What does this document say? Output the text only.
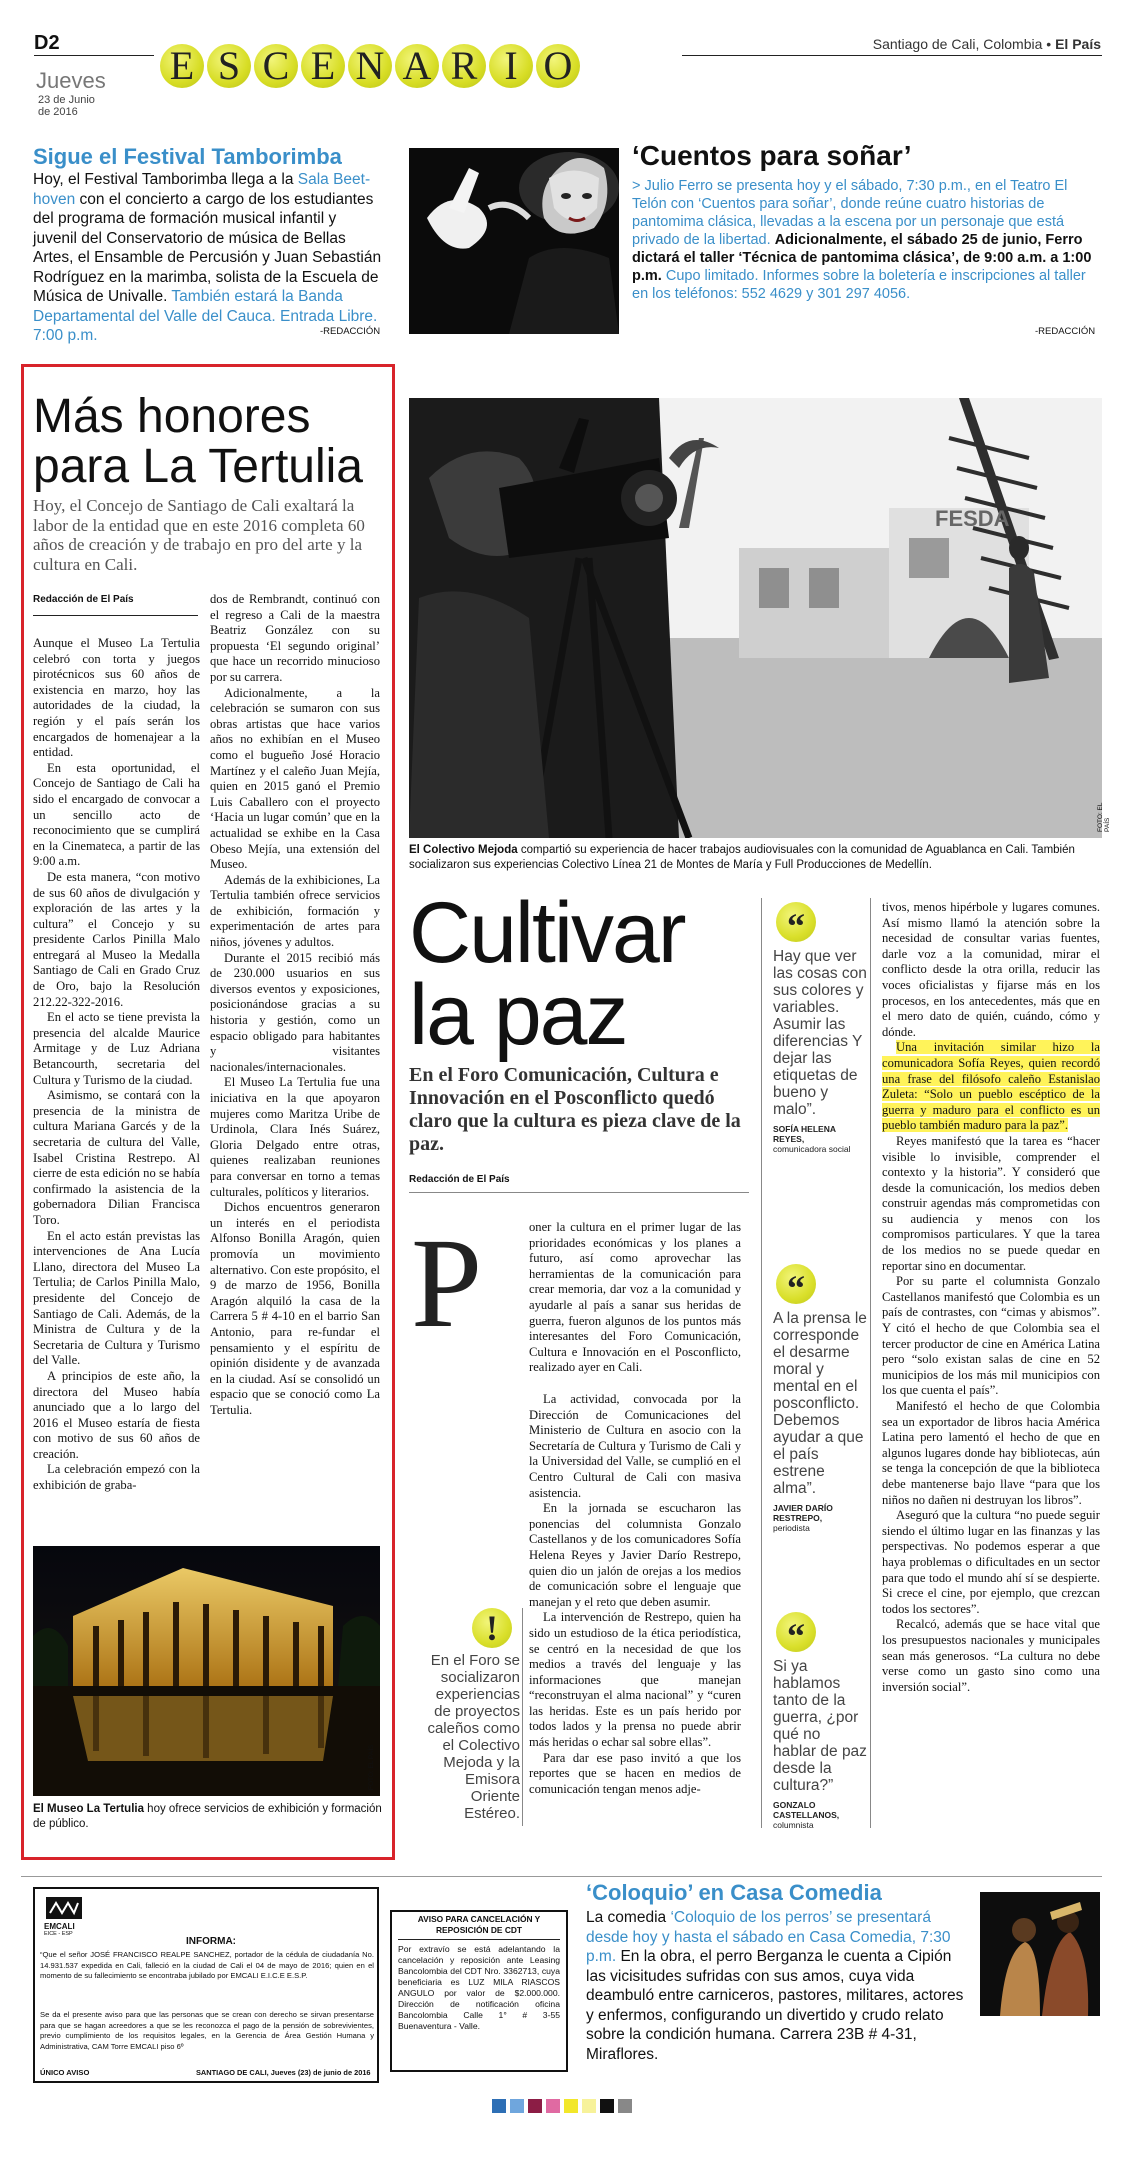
D2
Jueves
23 de Junio
de 2016
E S C E N A R I O	Santiago de Cali, Colombia • El País
Sigue el Festival Tamborimba
Hoy, el Festival Tamborimba llega a la Sala Beet-hoven con el concierto a cargo de los estudiantes del programa de formación musical infantil y juvenil del Conservatorio de música de Bellas Artes, el Ensamble de Percusión y Juan Sebastián Rodríguez en la marimba, solista de la Escuela de Música de Univalle. También estará la Banda Departamental del Valle del Cauca. Entrada Libre. 7:00 p.m.	-REDACCIÓN
‘Cuentos para soñar’
> Julio Ferro se presenta hoy y el sábado, 7:30 p.m., en el Teatro El Telón con ‘Cuentos para soñar’, donde reúne cuatro historias de pantomima clásica, llevadas a la escena por un personaje que está privado de la libertad. Adicionalmente, el sábado 25 de junio, Ferro dictará el taller ‘Técnica de pantomima clásica’, de 9:00 a.m. a 1:00 p.m. Cupo limitado. Informes sobre la boletería e inscripciones al taller en los teléfonos: 552 4629 y 301 297 4056.
-REDACCIÓN
Más honores para La Tertulia
Hoy, el Concejo de Santiago de Cali exaltará la labor de la entidad que en este 2016 completa 60 años de creación y de trabajo en pro del arte y la cultura en Cali.
Redacción de El País

Aunque el Museo La Tertulia celebró con torta y juegos pirotécnicos sus 60 años de existencia en marzo, hoy las autoridades de la ciudad, la región y el país serán los encargados de homenajear a la entidad.

En esta oportunidad, el Concejo de Santiago de Cali ha sido el encargado de convocar a un sencillo acto de reconocimiento que se cumplirá en la Cinemateca, a partir de las 9:00 a.m.

De esta manera, “con motivo de sus 60 años de divulgación y exploración de las artes y la cultura” el Concejo y su presidente Carlos Pinilla Malo entregará al Museo la Medalla Santiago de Cali en Grado Cruz de Oro, bajo la Resolución 212.22-322-2016.

En el acto se tiene prevista la presencia del alcalde Maurice Armitage y de Luz Adriana Betancourth, secretaria del Cultura y Turismo de la ciudad.

Asimismo, se contará con la presencia de la ministra de cultura Mariana Garcés y de la secretaria de cultura del Valle, Isabel Cristina Restrepo. Al cierre de esta edición no se había confirmado la asistencia de la gobernadora Dilian Francisca Toro.

En el acto están previstas las intervenciones de Ana Lucía Llano, directora del Museo La Tertulia; de Carlos Pinilla Malo, presidente del Concejo de Santiago de Cali. Además, de la Ministra de Cultura y de la Secretaria de Cultura y Turismo del Valle.

A principios de este año, la directora del Museo había anunciado que a lo largo del 2016 el Museo estaría de fiesta con motivo de sus 60 años de creación.

La celebración empezó con la exhibición de graba-

dos de Rembrandt, continuó con el regreso a Cali de la maestra Beatriz González con su propuesta ‘El segundo original’ que hace un recorrido minucioso por su carrera.

Adicionalmente, a la celebración se sumaron con sus obras artistas que hace varios años no exhibían en el Museo como el bugueño José Horacio Martínez y el caleño Juan Mejía, quien en 2015 ganó el Premio Luis Caballero con el proyecto ‘Hacia un lugar común’ que en la actualidad se exhibe en la Casa Obeso Mejía, una extensión del Museo.

Además de la exhibiciones, La Tertulia también ofrece servicios de exhibición, formación y experimentación de artes para niños, jóvenes y adultos.

Durante el 2015 recibió más de 230.000 usuarios en sus diversos eventos y exposiciones, posicionándose gracias a su historia y gestión, como un espacio obligado para habitantes y visitantes nacionales/internacionales.

El Museo La Tertulia fue una iniciativa en la que apoyaron mujeres como Maritza Uribe de Urdinola, Clara Inés Suárez, Gloria Delgado entre otras, quienes realizaban reuniones para conversar en torno a temas culturales, políticos y literarios.

Dichos encuentros generaron un interés en el periodista Alfonso Bonilla Aragón, quien promovía un movimiento alternativo. Con este propósito, el 9 de marzo de 1956, Bonilla Aragón alquiló la casa de la Carrera 5 # 4-10 en el barrio San Antonio, para re-fundar el pensamiento y el espíritu de opinión disidente y de avanzada en la ciudad. Así se consolidó un espacio que se conoció como La Tertulia.

FOTO: EL PAÍS
El Museo La Tertulia hoy ofrece servicios de exhibición y formación de público.
FESDA
FOTO: EL PAÍS
El Colectivo Mejoda compartió su experiencia de hacer trabajos audiovisuales con la comunidad de Aguablanca en Cali. También socializaron sus experiencias Colectivo Línea 21 de Montes de María y Full Producciones de Medellín.
Cultivar la paz
En el Foro Comunicación, Cultura e Innovación en el Posconflicto quedó claro que la cultura es pieza clave de la paz.
Redacción de El País
P	oner la cultura en el primer lugar de las prioridades económicas y los planes a futuro, así como aprovechar las herramientas de la comunicación para crear memoria, dar voz a la comunidad y ayudarle al país a sanar sus heridas de guerra, fueron algunos de los puntos más interesantes del Foro Comunicación, Cultura e Innovación en el Posconflicto, realizado ayer en Cali.

La actividad, convocada por la Dirección de Comunicaciones del Ministerio de Cultura en asocio con la Secretaría de Cultura y Turismo de Cali y la Universidad del Valle, se cumplió en el Centro Cultural de Cali con masiva asistencia.

En la jornada se escucharon las ponencias del columnista Gonzalo Castellanos y de los comunicadores Sofía Helena Reyes y Javier Darío Restrepo, quien dio un jalón de orejas a los medios de comunicación sobre el lenguaje que manejan y el reto que deben asumir.

La intervención de Restrepo, quien ha sido un estudioso de la ética periodística, se centró en la necesidad de que los medios a través del lenguaje y las informaciones que manejan “reconstruyan el alma nacional” y “curen las heridas. Este es un país herido por todos lados y la prensa no puede abrir más heridas o echar sal sobre ellas”.

Para dar ese paso invitó a que los reportes que se hacen en medios de comunicación tengan menos adje-

!
En el Foro se socializaron experiencias de proyectos caleños como el Colectivo Mejoda y la Emisora Oriente Estéreo.
“
Hay que ver las cosas con sus colores y variables. Asumir las diferencias Y dejar las etiquetas de bueno y malo”.
SOFÍA HELENA REYES,
comunicadora social
“
A la prensa le corresponde el desarme moral y mental en el posconflicto. Debemos ayudar a que el país estrene alma”.
JAVIER DARÍO RESTREPO,
periodista
“
Si ya hablamos tanto de la guerra, ¿por qué no hablar de paz desde la cultura?”
GONZALO CASTELLANOS,
columnista

tivos, menos hipérbole y lugares comunes. Así mismo llamó la atención sobre la necesidad de consultar varias fuentes, darle voz a la comunidad, mirar el conflicto desde la otra orilla, reducir las voces oficialistas y fijarse más en los procesos, en los antecedentes, más que en el mero dato de quién, cuándo, cómo y dónde.

Una invitación similar hizo la comunicadora Sofía Reyes, quien recordó una frase del filósofo caleño Estanislao Zuleta: “Solo un pueblo escéptico de la guerra y maduro para el conflicto es un pueblo también maduro para la paz”.

Reyes manifestó que la tarea es “hacer visible lo invisible, comprender el contexto y la historia”. Y consideró que desde la comunicación, los medios deben construir agendas más comprometidas con su audiencia y menos con los compromisos particulares. Y que la tarea de los medios no se puede quedar en reportar sino en documentar.

Por su parte el columnista Gonzalo Castellanos manifestó que Colombia es un país de contrastes, con “cimas y abismos”. Y citó el hecho de que Colombia sea el tercer productor de cine en América Latina pero “solo existan salas de cine en 52 municipios de los más mil municipios con los que cuenta el país”.

Manifestó el hecho de que Colombia sea un exportador de libros hacia América Latina pero lamentó el hecho de que en algunos lugares donde hay bibliotecas, aún se tenga la concepción de que la biblioteca debe mantenerse bajo llave “para que los niños no dañen ni destruyan los libros”.

Aseguró que la cultura “no puede seguir siendo el último lugar en las finanzas y las perspectivas. No podemos esperar a que haya problemas o dificultades en un sector para que todo el mundo ahí sí se despierte. Si crece el cine, por ejemplo, que crezcan todos los sectores”.

Recalcó, además que se hace vital que los presupuestos nacionales y municipales sean más generosos. “La cultura no debe verse como un gasto sino como una inversión social”.

EMCALI
EICE - ESP
INFORMA:
“Que el señor JOSÉ FRANCISCO REALPE SANCHEZ, portador de la cédula de ciudadanía No. 14.931.537 expedida en Cali, falleció en la ciudad de Cali el 04 de mayo de 2016; quien en el momento de su fallecimiento se encontraba jubilado por EMCALI E.I.C.E E.S.P.
Se da el presente aviso para que las personas que se crean con derecho se sirvan presentarse para que se hagan acreedores a que se les reconozca el pago de la pensión de sobrevivientes, previo cumplimiento de los requisitos legales, en la Gerencia de Área Gestión Humana y Administrativa, CAM Torre EMCALI piso 6º
ÚNICO AVISO	SANTIAGO DE CALI, Jueves (23) de junio de 2016
AVISO PARA CANCELACIÓN Y REPOSICIÓN DE CDT
Por extravío se está adelantando la cancelación y reposición ante Leasing Bancolombia del CDT Nro. 3362713, cuya beneficiaria es LUZ MILA RIASCOS ANGULO por valor de $2.000.000. Dirección de notificación oficina Bancolombia Calle 1° # 3-55 Buenaventura - Valle.
‘Coloquio’ en Casa Comedia
La comedia ‘Coloquio de los perros’ se presentará desde hoy y hasta el sábado en Casa Comedia, 7:30 p.m. En la obra, el perro Berganza le cuenta a Cipión las vicisitudes sufridas con sus amos, cuya vida deambuló entre carniceros, pastores, militares, actores y enfermos, configurando un divertido y crudo relato sobre la condición humana. Carrera 23B # 4-31, Miraflores.
